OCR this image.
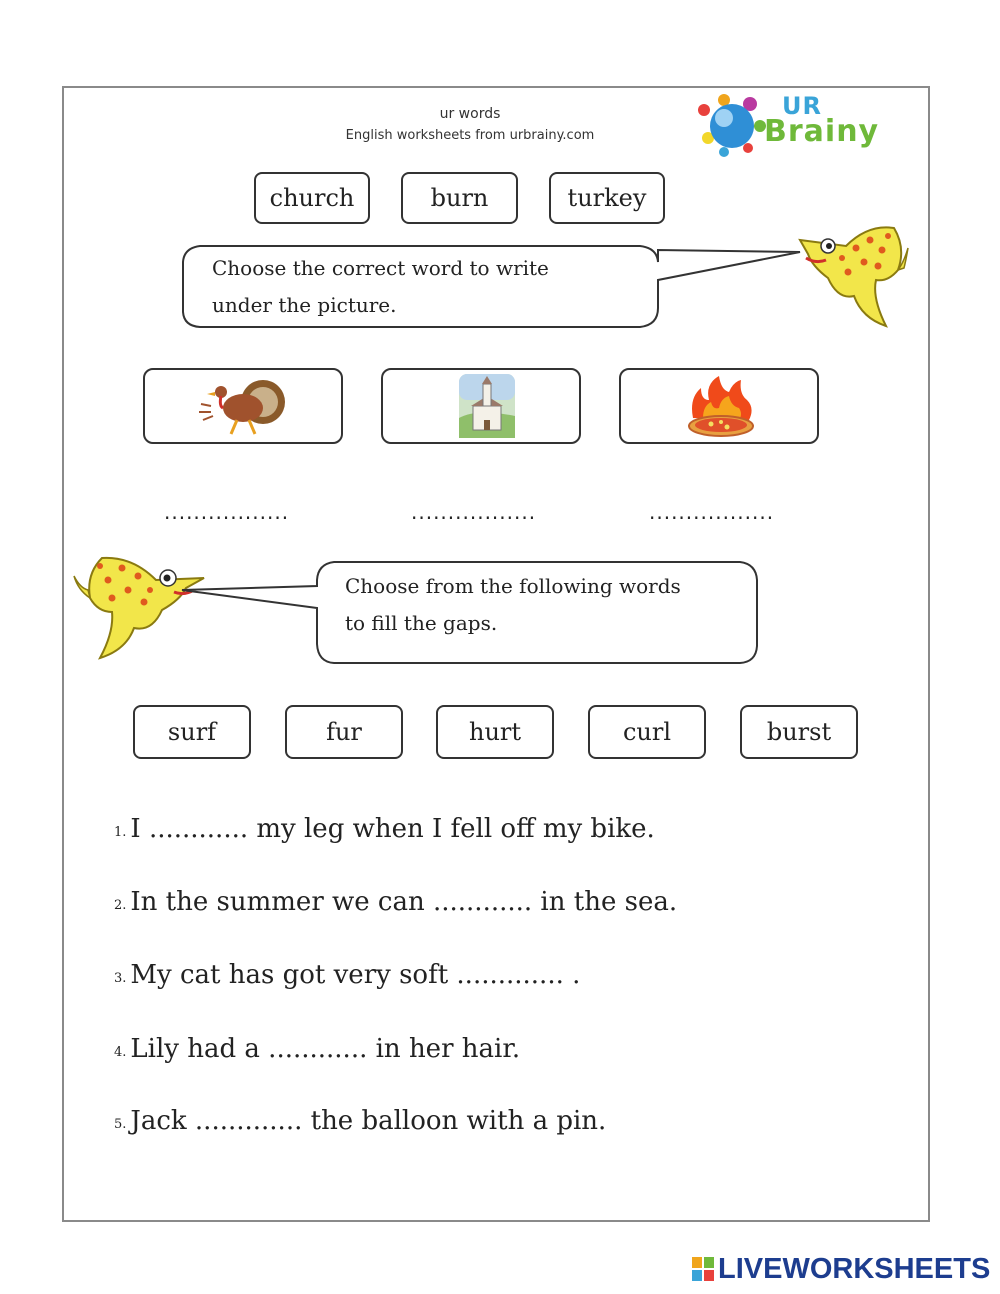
ur words
English worksheets from urbrainy.com
UR
Brainy
church	burn	turkey
Choose the correct word to write
under the picture.
.................	.................	.................
Choose from the following words
to fill the gaps.
surf	fur	hurt	curl	burst
1. I ............ my leg when I fell off my bike.
2. In the summer we can ............ in the sea.
3. My cat has got very soft ............. .
4. Lily had a ............ in her hair.
5. Jack ............. the balloon with a pin.
LIVEWORKSHEETS
